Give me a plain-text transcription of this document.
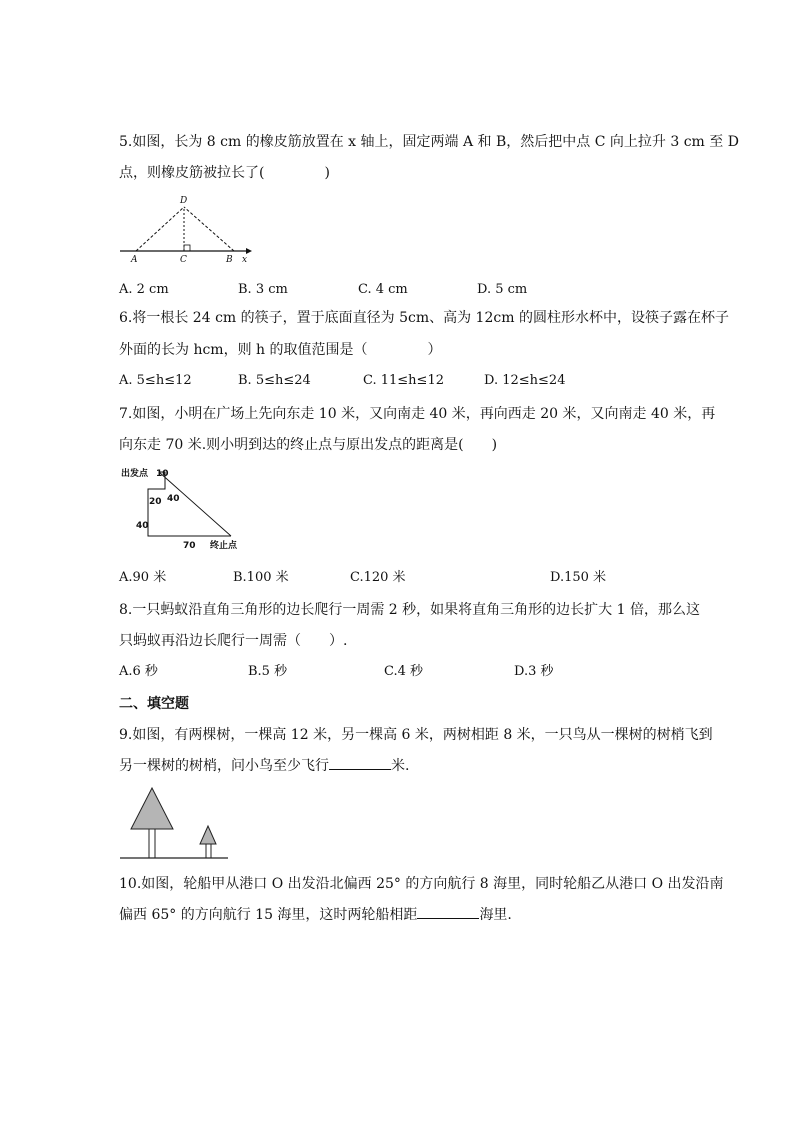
5.如图，长为 8 cm 的橡皮筋放置在 x 轴上，固定两端 A 和 B，然后把中点 C 向上拉升 3 cm 至 D
点，则橡皮筋被拉长了(	)
D
A	C	B x
A. 2 cm	B. 3 cm	C. 4 cm	D. 5 cm
6.将一根长 24 cm 的筷子，置于底面直径为 5cm、高为 12cm 的圆柱形水杯中，设筷子露在杯子
外面的长为 hcm，则 h 的取值范围是（	）
A. 5≤h≤12	B. 5≤h≤24	C. 11≤h≤12	D. 12≤h≤24
7.如图，小明在广场上先向东走 10 米，又向南走 40 米，再向西走 20 米，又向南走 40 米，再
向东走 70 米.则小明到达的终止点与原出发点的距离是( )
出发点 10
20 40
40
70 终止点
A.90 米	B.100 米	C.120 米	D.150 米
8.一只蚂蚁沿直角三角形的边长爬行一周需 2 秒，如果将直角三角形的边长扩大 1 倍，那么这
只蚂蚁再沿边长爬行一周需（ ）.
A.6 秒	B.5 秒	C.4 秒	D.3 秒
二、填空题
9.如图，有两棵树，一棵高 12 米，另一棵高 6 米，两树相距 8 米，一只鸟从一棵树的树梢飞到
另一棵树的树梢，问小鸟至少飞行	米.
10.如图，轮船甲从港口 O 出发沿北偏西 25° 的方向航行 8 海里，同时轮船乙从港口 O 出发沿南
偏西 65° 的方向航行 15 海里，这时两轮船相距	海里.
